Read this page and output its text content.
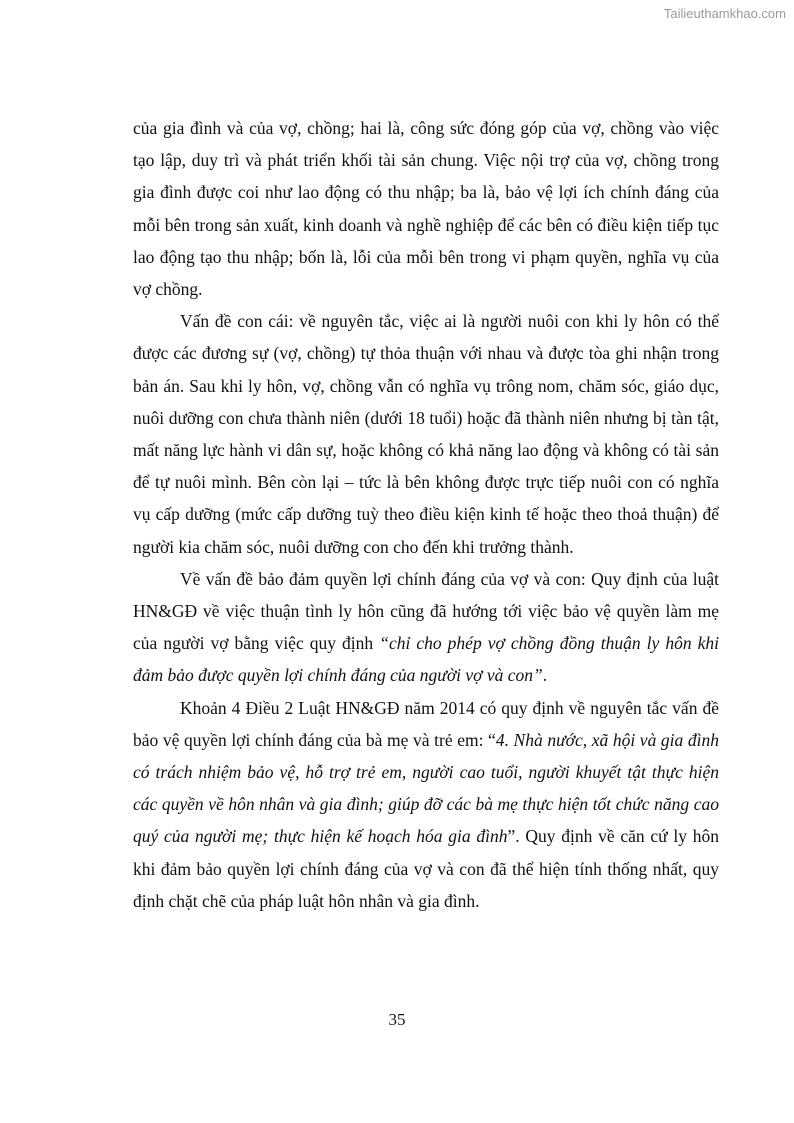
Tailieuthamkhao.com

của gia đình và của vợ, chồng; hai là, công sức đóng góp của vợ, chồng vào việc tạo lập, duy trì và phát triển khối tài sản chung. Việc nội trợ của vợ, chồng trong gia đình được coi như lao động có thu nhập; ba là, bảo vệ lợi ích chính đáng của mỗi bên trong sản xuất, kinh doanh và nghề nghiệp để các bên có điều kiện tiếp tục lao động tạo thu nhập; bốn là, lỗi của mỗi bên trong vi phạm quyền, nghĩa vụ của vợ chồng.

Vấn đề con cái: về nguyên tắc, việc ai là người nuôi con khi ly hôn có thể được các đương sự (vợ, chồng) tự thỏa thuận với nhau và được tòa ghi nhận trong bản án. Sau khi ly hôn, vợ, chồng vẫn có nghĩa vụ trông nom, chăm sóc, giáo dục, nuôi dưỡng con chưa thành niên (dưới 18 tuổi) hoặc đã thành niên nhưng bị tàn tật, mất năng lực hành vi dân sự, hoặc không có khả năng lao động và không có tài sản để tự nuôi mình. Bên còn lại – tức là bên không được trực tiếp nuôi con có nghĩa vụ cấp dưỡng (mức cấp dưỡng tuỳ theo điều kiện kinh tế hoặc theo thoả thuận) để người kia chăm sóc, nuôi dưỡng con cho đến khi trưởng thành.

Về vấn đề bảo đảm quyền lợi chính đáng của vợ và con: Quy định của luật HN&GĐ về việc thuận tình ly hôn cũng đã hướng tới việc bảo vệ quyền làm mẹ của người vợ bằng việc quy định “chỉ cho phép vợ chồng đồng thuận ly hôn khi đảm bảo được quyền lợi chính đáng của người vợ và con”.

Khoản 4 Điều 2 Luật HN&GĐ năm 2014 có quy định về nguyên tắc vấn đề bảo vệ quyền lợi chính đáng của bà mẹ và trẻ em: “4. Nhà nước, xã hội và gia đình có trách nhiệm bảo vệ, hỗ trợ trẻ em, người cao tuổi, người khuyết tật thực hiện các quyền về hôn nhân và gia đình; giúp đỡ các bà mẹ thực hiện tốt chức năng cao quý của người mẹ; thực hiện kế hoạch hóa gia đình”. Quy định về căn cứ ly hôn khi đảm bảo quyền lợi chính đáng của vợ và con đã thể hiện tính thống nhất, quy định chặt chẽ của pháp luật hôn nhân và gia đình.

35
